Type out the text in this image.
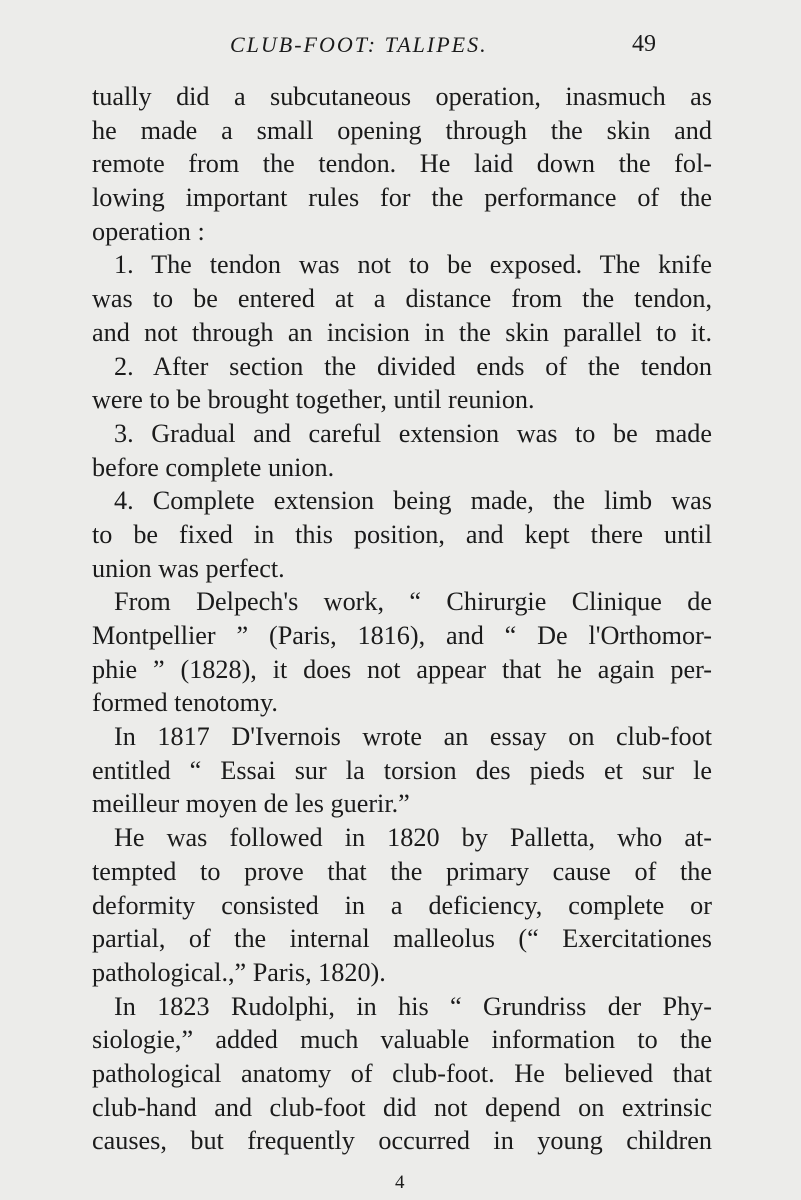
CLUB-FOOT: TALIPES.	49
tually did a subcutaneous operation, inasmuch as
he made a small opening through the skin and
remote from the tendon. He laid down the fol-
lowing important rules for the performance of the
operation :
1. The tendon was not to be exposed. The knife
was to be entered at a distance from the tendon,
and not through an incision in the skin parallel to it.
2. After section the divided ends of the tendon
were to be brought together, until reunion.
3. Gradual and careful extension was to be made
before complete union.
4. Complete extension being made, the limb was
to be fixed in this position, and kept there until
union was perfect.
From Delpech's work, “ Chirurgie Clinique de
Montpellier ” (Paris, 1816), and “ De l'Orthomor-
phie ” (1828), it does not appear that he again per-
formed tenotomy.
In 1817 D'Ivernois wrote an essay on club-foot
entitled “ Essai sur la torsion des pieds et sur le
meilleur moyen de les guerir.”
He was followed in 1820 by Palletta, who at-
tempted to prove that the primary cause of the
deformity consisted in a deficiency, complete or
partial, of the internal malleolus (“ Exercitationes
pathological.,” Paris, 1820).
In 1823 Rudolphi, in his “ Grundriss der Phy-
siologie,” added much valuable information to the
pathological anatomy of club-foot. He believed that
club-hand and club-foot did not depend on extrinsic
causes, but frequently occurred in young children
4
